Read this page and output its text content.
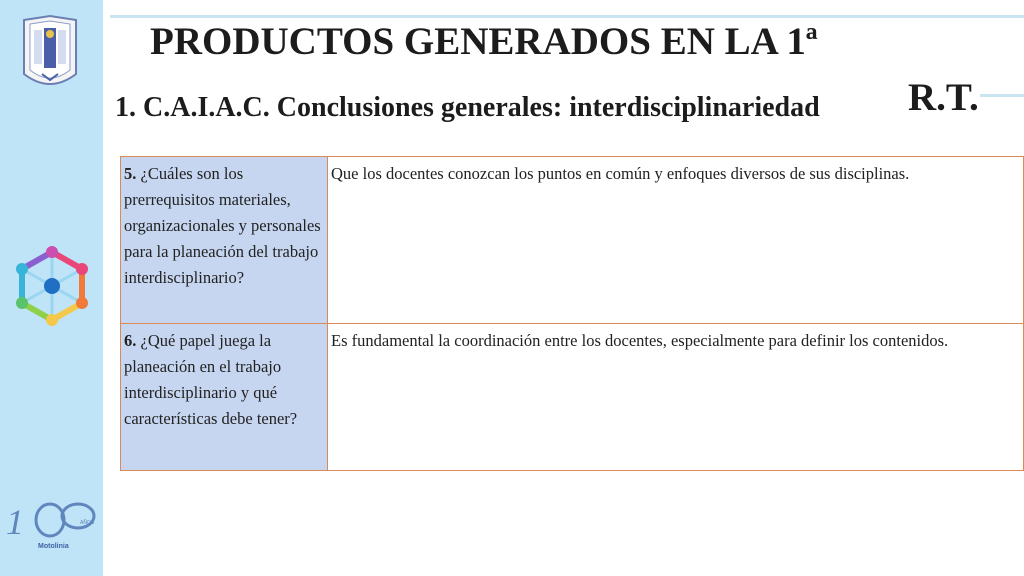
1	AÑOS
Motolinia
PRODUCTOS GENERADOS EN LA 1ª
R.T.
1. C.A.I.A.C. Conclusiones generales: interdisciplinariedad
5. ¿Cuáles son los prerrequisitos materiales, organizacionales y personales para la planeación del trabajo interdisciplinario?	Que los docentes conozcan los puntos en común y enfoques diversos de sus disciplinas.
6. ¿Qué papel juega la planeación en el trabajo interdisciplinario y qué características debe tener?	Es fundamental la coordinación entre los docentes, especialmente para definir los contenidos.
